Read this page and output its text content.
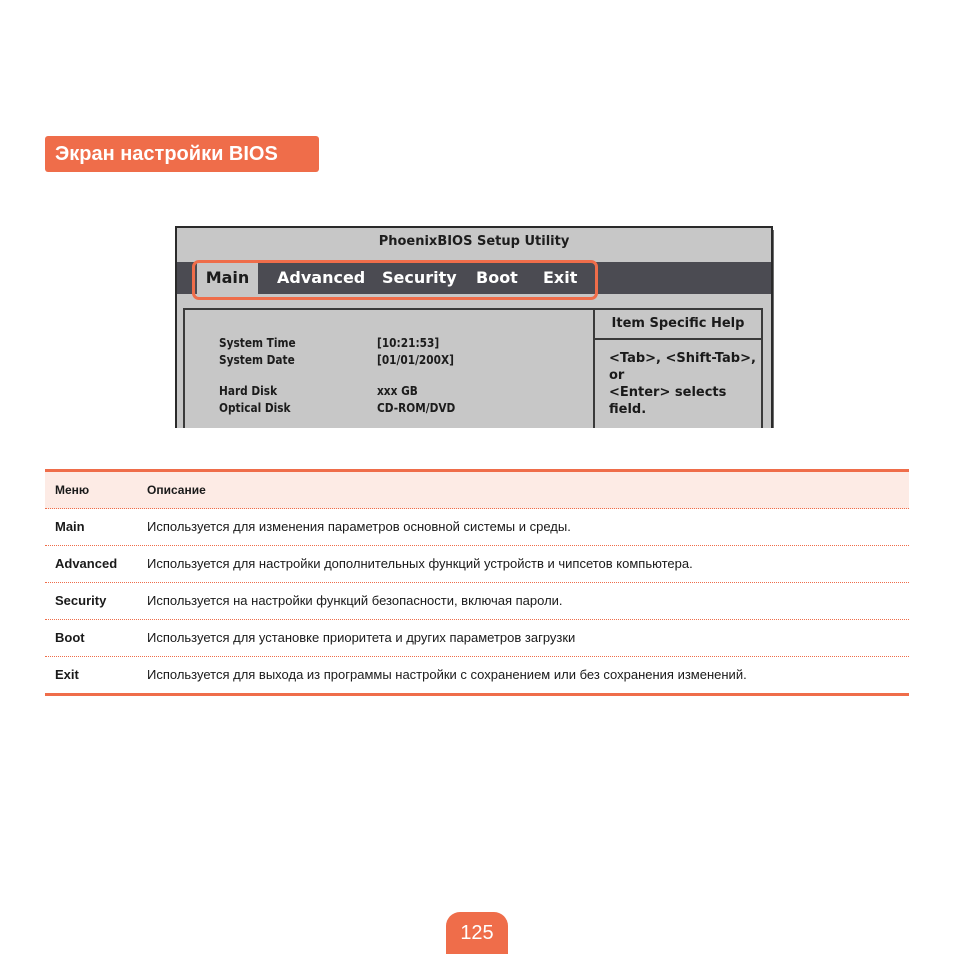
Экран настройки BIOS
PhoenixBIOS Setup Utility
Main	Advanced Security Boot Exit
System Time	[10:21:53]
System Date	[01/01/200X]
Hard Disk	xxx GB
Optical Disk	CD-ROM/DVD
Item Specific Help
<Tab>, <Shift-Tab>, or
<Enter> selects field.
Меню	Описание
Main	Используется для изменения параметров основной системы и среды.
Advanced Используется для настройки дополнительных функций устройств и чипсетов компьютера.
Security	Используется на настройки функций безопасности, включая пароли.
Boot	Используется для установке приоритета и других параметров загрузки
Exit	Используется для выхода из программы настройки с сохранением или без сохранения изменений.
125
